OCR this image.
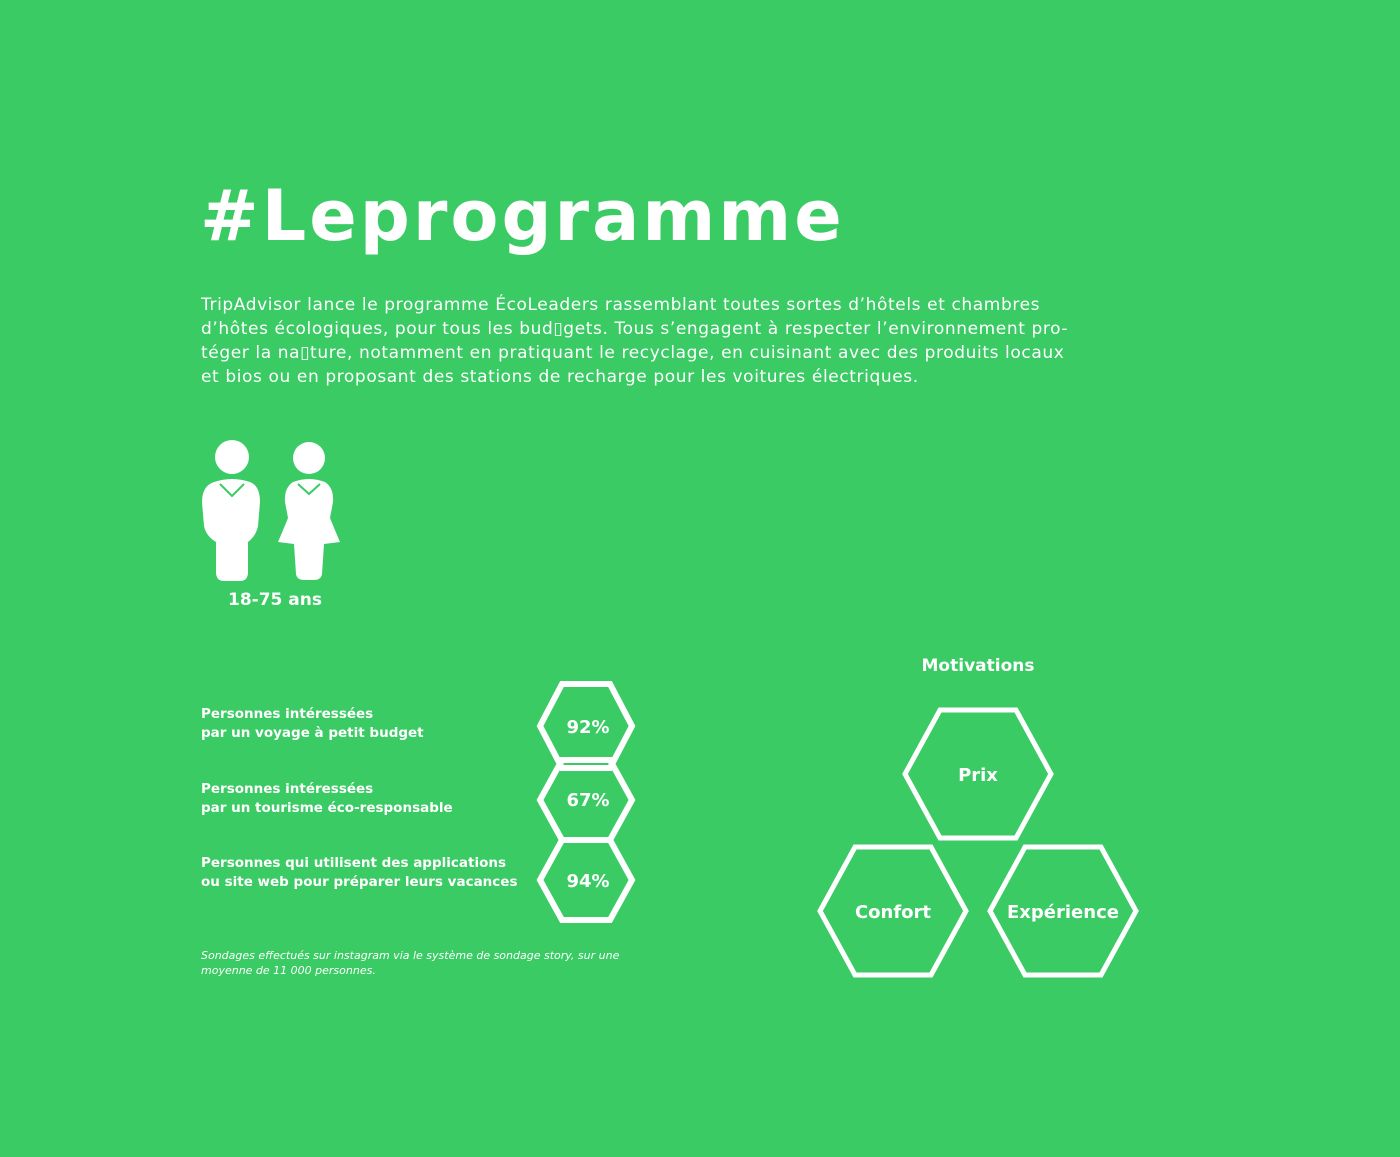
#Leprogramme

TripAdvisor lance le programme ÉcoLeaders rassemblant toutes sortes d’hôtels et chambres
d’hôtes écologiques, pour tous les bud▯gets. Tous s’engagent à respecter l’environnement pro-
téger la na▯ture, notamment en pratiquant le recyclage, en cuisinant avec des produits locaux
et bios ou en proposant des stations de recharge pour les voitures électriques.

18-75 ans
Personnes intéressées
par un voyage à petit budget
Personnes intéressées
par un tourisme éco-responsable
Personnes qui utilisent des applications
ou site web pour préparer leurs vacances
92%
67%
94%

Sondages effectués sur instagram via le système de sondage story, sur une
moyenne de 11 000 personnes.

Motivations
Prix
Confort	Expérience
